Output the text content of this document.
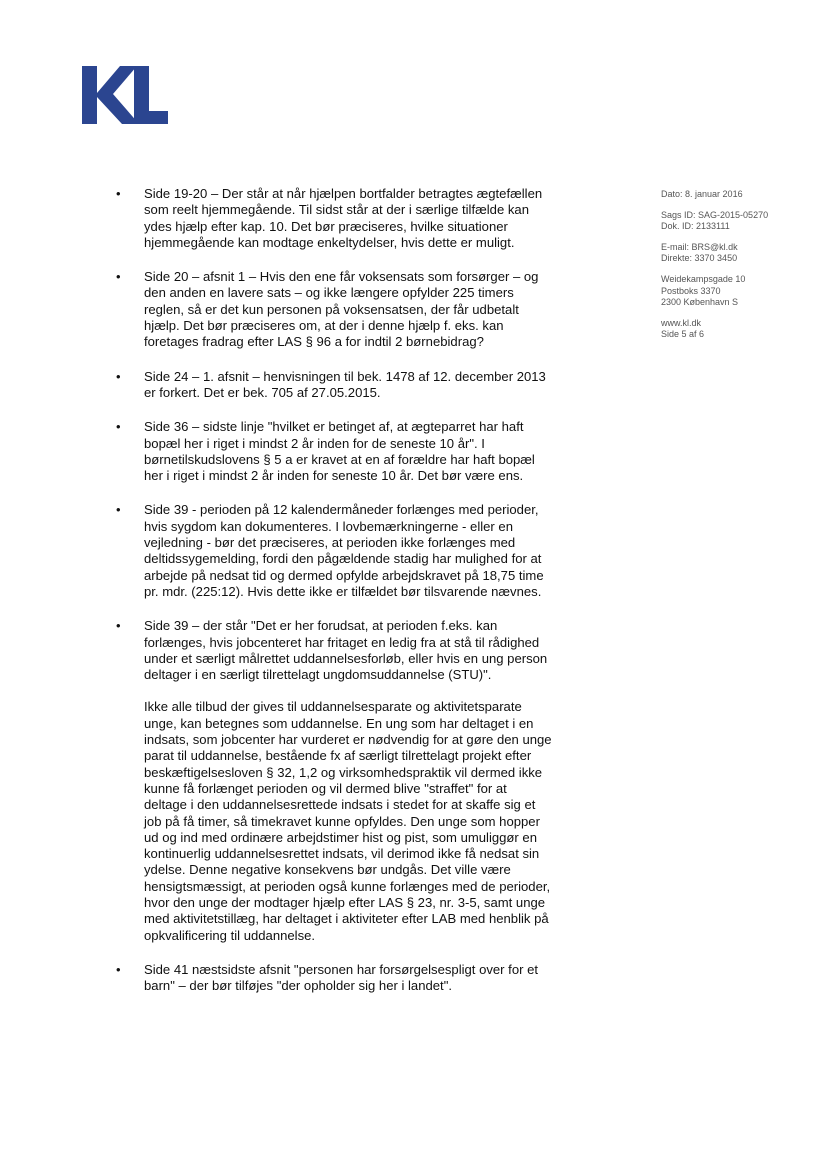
Dato: 8. januar 2016
Sags ID: SAG-2015-05270
Dok. ID: 2133111
E-mail: BRS@kl.dk
Direkte: 3370 3450
Weidekampsgade 10
Postboks 3370
2300 København S
www.kl.dk
Side 5 af 6
• Side 19-20 – Der står at når hjælpen bortfalder betragtes ægtefællen som reelt hjemmegående. Til sidst står at der i særlige tilfælde kan ydes hjælp efter kap. 10. Det bør præciseres, hvilke situationer hjemmegående kan modtage enkeltydelser, hvis dette er muligt.

• Side 20 – afsnit 1 – Hvis den ene får voksensats som forsørger – og den anden en lavere sats – og ikke længere opfylder 225 timers reglen, så er det kun personen på voksensatsen, der får udbetalt hjælp. Det bør præciseres om, at der i denne hjælp f. eks. kan foretages fradrag efter LAS § 96 a for indtil 2 børnebidrag?

• Side 24 – 1. afsnit – henvisningen til bek. 1478 af 12. december 2013 er forkert. Det er bek. 705 af 27.05.2015.

• Side 36 – sidste linje "hvilket er betinget af, at ægteparret har haft bopæl her i riget i mindst 2 år inden for de seneste 10 år". I børnetilskudslovens § 5 a er kravet at en af forældre har haft bopæl her i riget i mindst 2 år inden for seneste 10 år. Det bør være ens.

• Side 39 - perioden på 12 kalendermåneder forlænges med perioder, hvis sygdom kan dokumenteres. I lovbemærkningerne - eller en vejledning - bør det præciseres, at perioden ikke forlænges med deltidssygemelding, fordi den pågældende stadig har mulighed for at arbejde på nedsat tid og dermed opfylde arbejdskravet på 18,75 time pr. mdr. (225:12). Hvis dette ikke er tilfældet bør tilsvarende nævnes.

• Side 39 – der står "Det er her forudsat, at perioden f.eks. kan forlænges, hvis jobcenteret har fritaget en ledig fra at stå til rådighed under et særligt målrettet uddannelsesforløb, eller hvis en ung person deltager i en særligt tilrettelagt ungdomsuddannelse (STU)".

Ikke alle tilbud der gives til uddannelsesparate og aktivitetsparate unge, kan betegnes som uddannelse. En ung som har deltaget i en indsats, som jobcenter har vurderet er nødvendig for at gøre den unge parat til uddannelse, bestående fx af særligt tilrettelagt projekt efter beskæftigelsesloven § 32, 1,2 og virksomhedspraktik vil dermed ikke kunne få forlænget perioden og vil dermed blive "straffet" for at deltage i den uddannelsesrettede indsats i stedet for at skaffe sig et job på få timer, så timekravet kunne opfyldes. Den unge som hopper ud og ind med ordinære arbejdstimer hist og pist, som umuliggør en kontinuerlig uddannelsesrettet indsats, vil derimod ikke få nedsat sin ydelse. Denne negative konsekvens bør undgås. Det ville være hensigtsmæssigt, at perioden også kunne forlænges med de perioder, hvor den unge der modtager hjælp efter LAS § 23, nr. 3-5, samt unge med aktivitetstillæg, har deltaget i aktiviteter efter LAB med henblik på opkvalificering til uddannelse.

• Side 41 næstsidste afsnit "personen har forsørgelsespligt over for et barn" – der bør tilføjes "der opholder sig her i landet".
